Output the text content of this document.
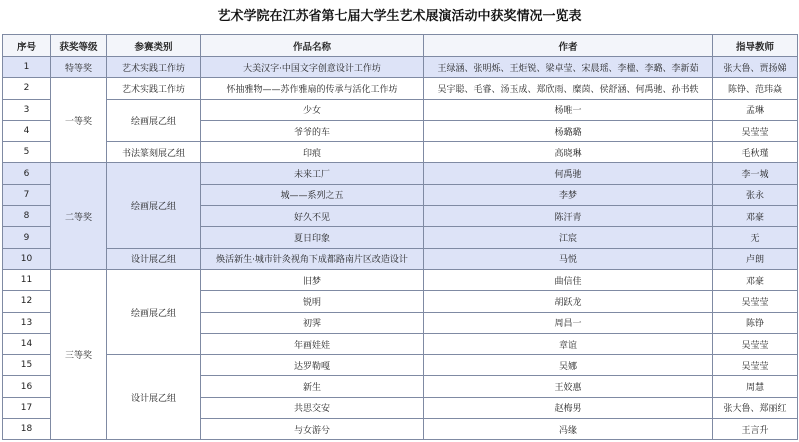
艺术学院在江苏省第七届大学生艺术展演活动中获奖情况一览表
序号	获奖等级	参赛类别	作品名称	作者	指导教师
1	特等奖	艺术实践工作坊	大美汉字·中国文字创意设计工作坊	王绿涵、张明烁、王炬锐、梁卓莹、宋晨瑶、李楹、李璐、李新茹	张大鲁、贾扬娣
2	一等奖	艺术实践工作坊	怀抽雅物——苏作雅扇的传承与活化工作坊	吴宇聪、毛睿、汤玉成、郑欣雨、糜茵、侯舒涵、何禹驰、孙书轶	陈铮、范玮焱
3		绘画展乙组	少女	杨唯一	孟琳
4			爷爷的车	杨璐璐	吴莹莹
5		书法篆刻展乙组	印痕	高晓琳	毛秋瑾
6	二等奖	绘画展乙组	未来工厂	何禹驰	李一城
7			城——系列之五	李梦	张永
8			好久不见	陈汗青	邓豪
9			夏日印象	江宸	无
10		设计展乙组	焕活新生·城市针灸视角下成都路南片区改造设计	马悦	卢朗
11	三等奖	绘画展乙组	旧梦	曲信佳	邓豪
12			锐明	胡跃龙	吴莹莹
13			初霁	周昌一	陈铮
14			年画娃娃	章谊	吴莹莹
15		设计展乙组	达罗勒嘎	吴娜	吴莹莹
16			新生	王姣惠	周慧
17			共思交安	赵梅男	张大鲁、郑丽红
18			与女游兮	冯缘	王言升
